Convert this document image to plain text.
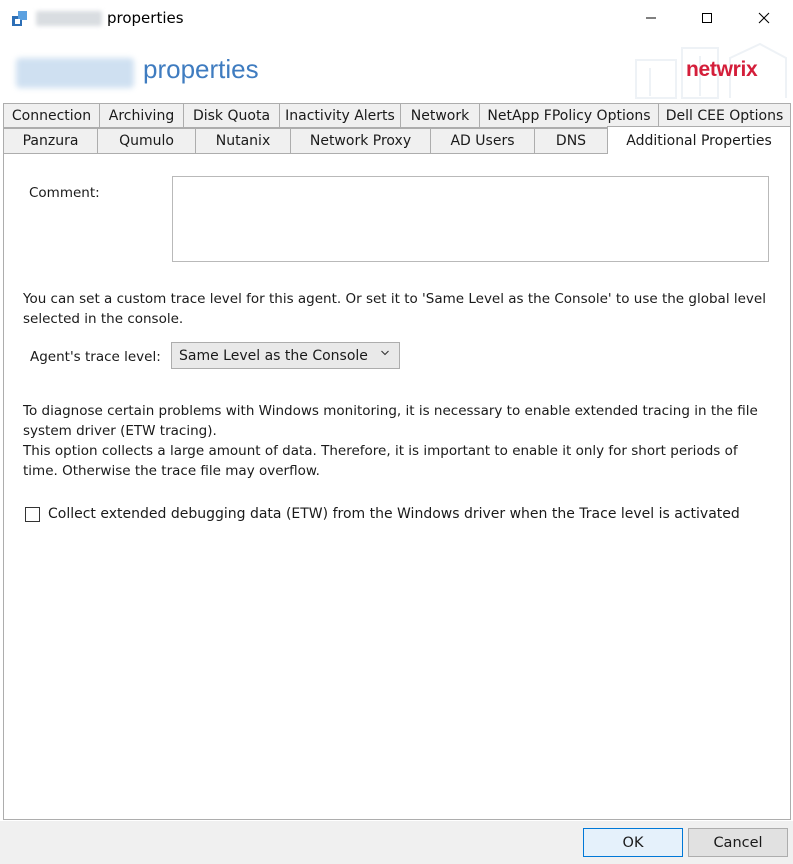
properties
properties	netwrix
Connection	Archiving	Disk Quota	Inactivity Alerts	Network	NetApp FPolicy Options	Dell CEE Options
Panzura	Qumulo	Nutanix	Network Proxy	AD Users	DNS	Additional Properties
Comment:
You can set a custom trace level for this agent. Or set it to 'Same Level as the Console' to use the global level selected in the console.
Agent's trace level: Same Level as the Console
To diagnose certain problems with Windows monitoring, it is necessary to enable extended tracing in the file system driver (ETW tracing).
This option collects a large amount of data. Therefore, it is important to enable it only for short periods of time. Otherwise the trace file may overflow.
Collect extended debugging data (ETW) from the Windows driver when the Trace level is activated
OK	Cancel
